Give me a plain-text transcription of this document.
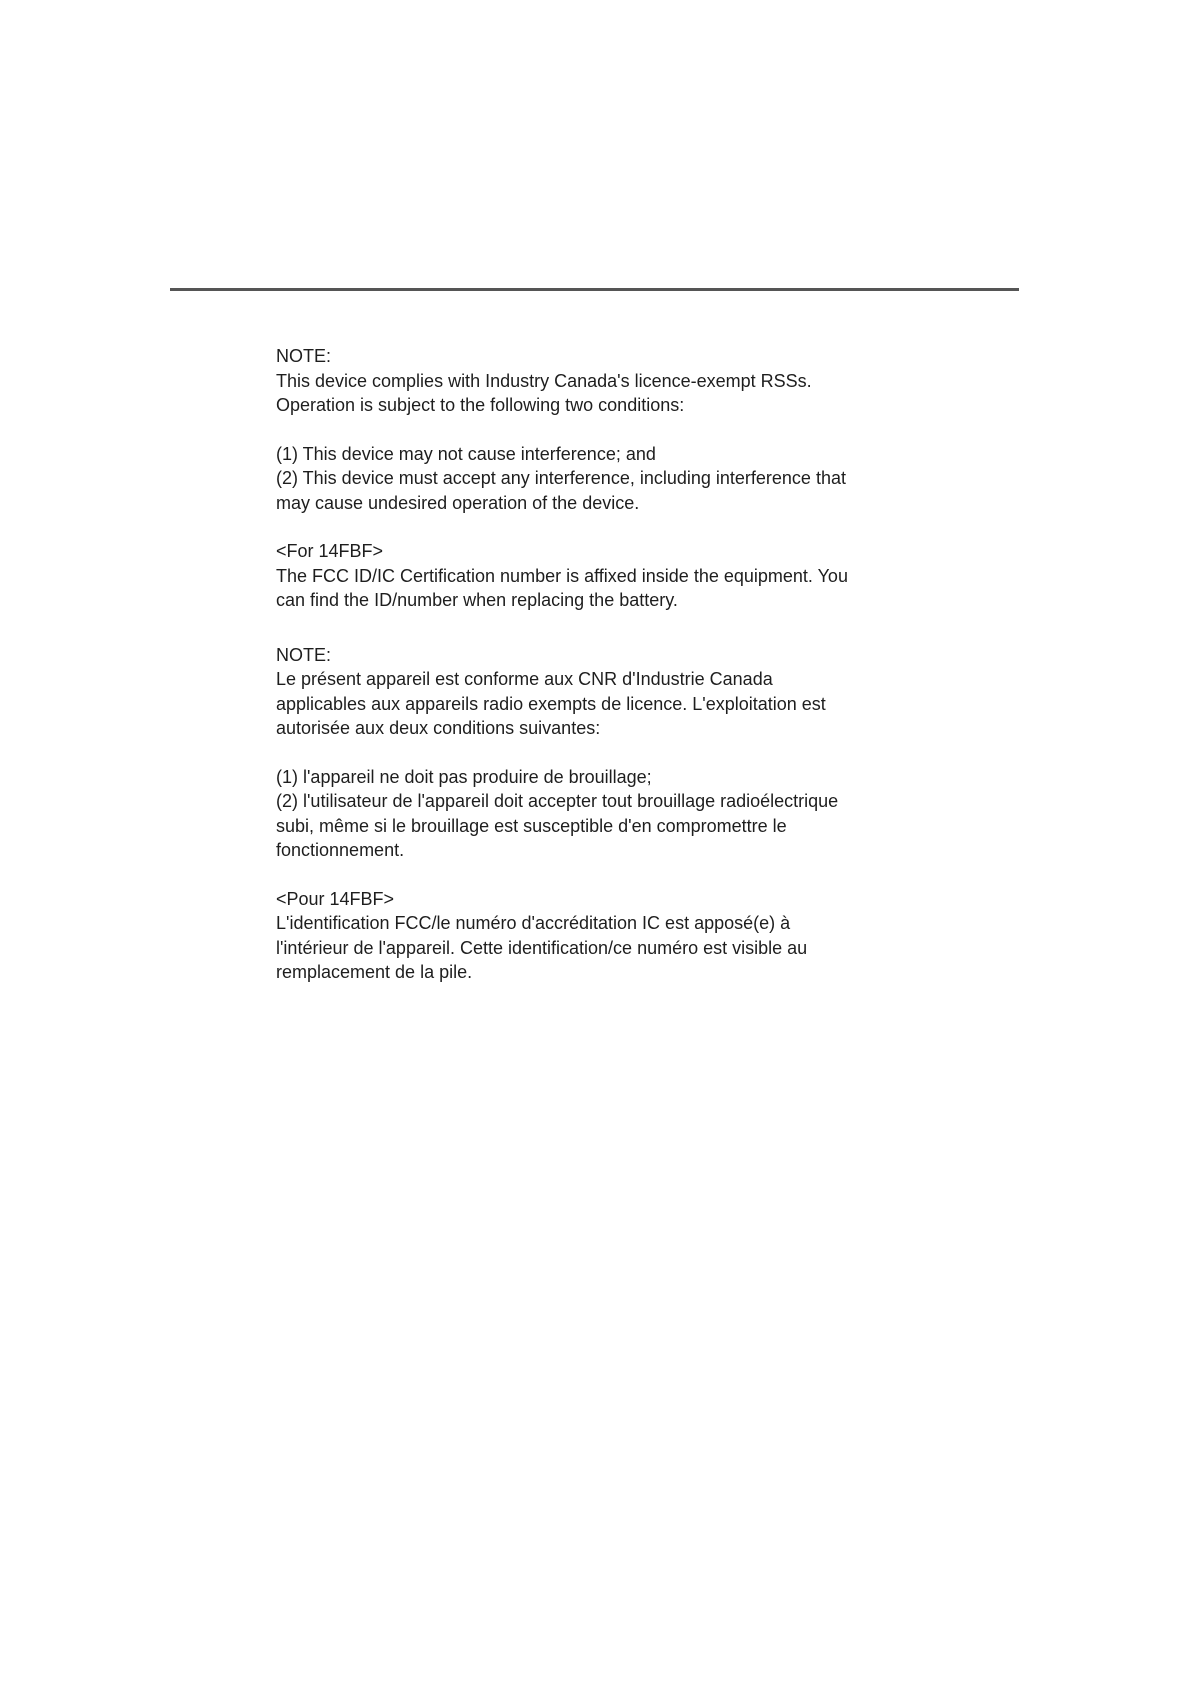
NOTE:
This device complies with Industry Canada's licence-exempt RSSs.
Operation is subject to the following two conditions:
(1) This device may not cause interference; and
(2) This device must accept any interference, including interference that
may cause undesired operation of the device.
<For 14FBF>
The FCC ID/IC Certification number is affixed inside the equipment. You
can find the ID/number when replacing the battery.
NOTE:
Le présent appareil est conforme aux CNR d'Industrie Canada
applicables aux appareils radio exempts de licence. L'exploitation est
autorisée aux deux conditions suivantes:
(1) l'appareil ne doit pas produire de brouillage;
(2) l'utilisateur de l'appareil doit accepter tout brouillage radioélectrique
subi, même si le brouillage est susceptible d'en compromettre le
fonctionnement.
<Pour 14FBF>
L'identification FCC/le numéro d'accréditation IC est apposé(e) à
l'intérieur de l'appareil. Cette identification/ce numéro est visible au
remplacement de la pile.
